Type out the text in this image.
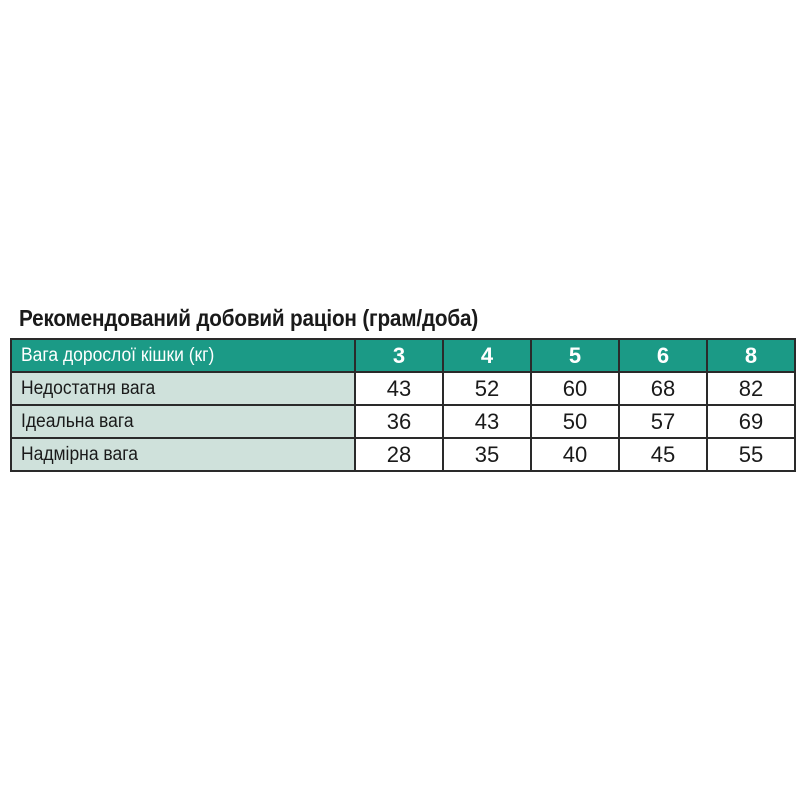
Рекомендований добовий раціон (грам/доба)
Вага дорослої кішки (кг)	3	4	5	6	8
Недостатня вага	43	52	60	68	82
Ідеальна вага	36	43	50	57	69
Надмірна вага	28	35	40	45	55
